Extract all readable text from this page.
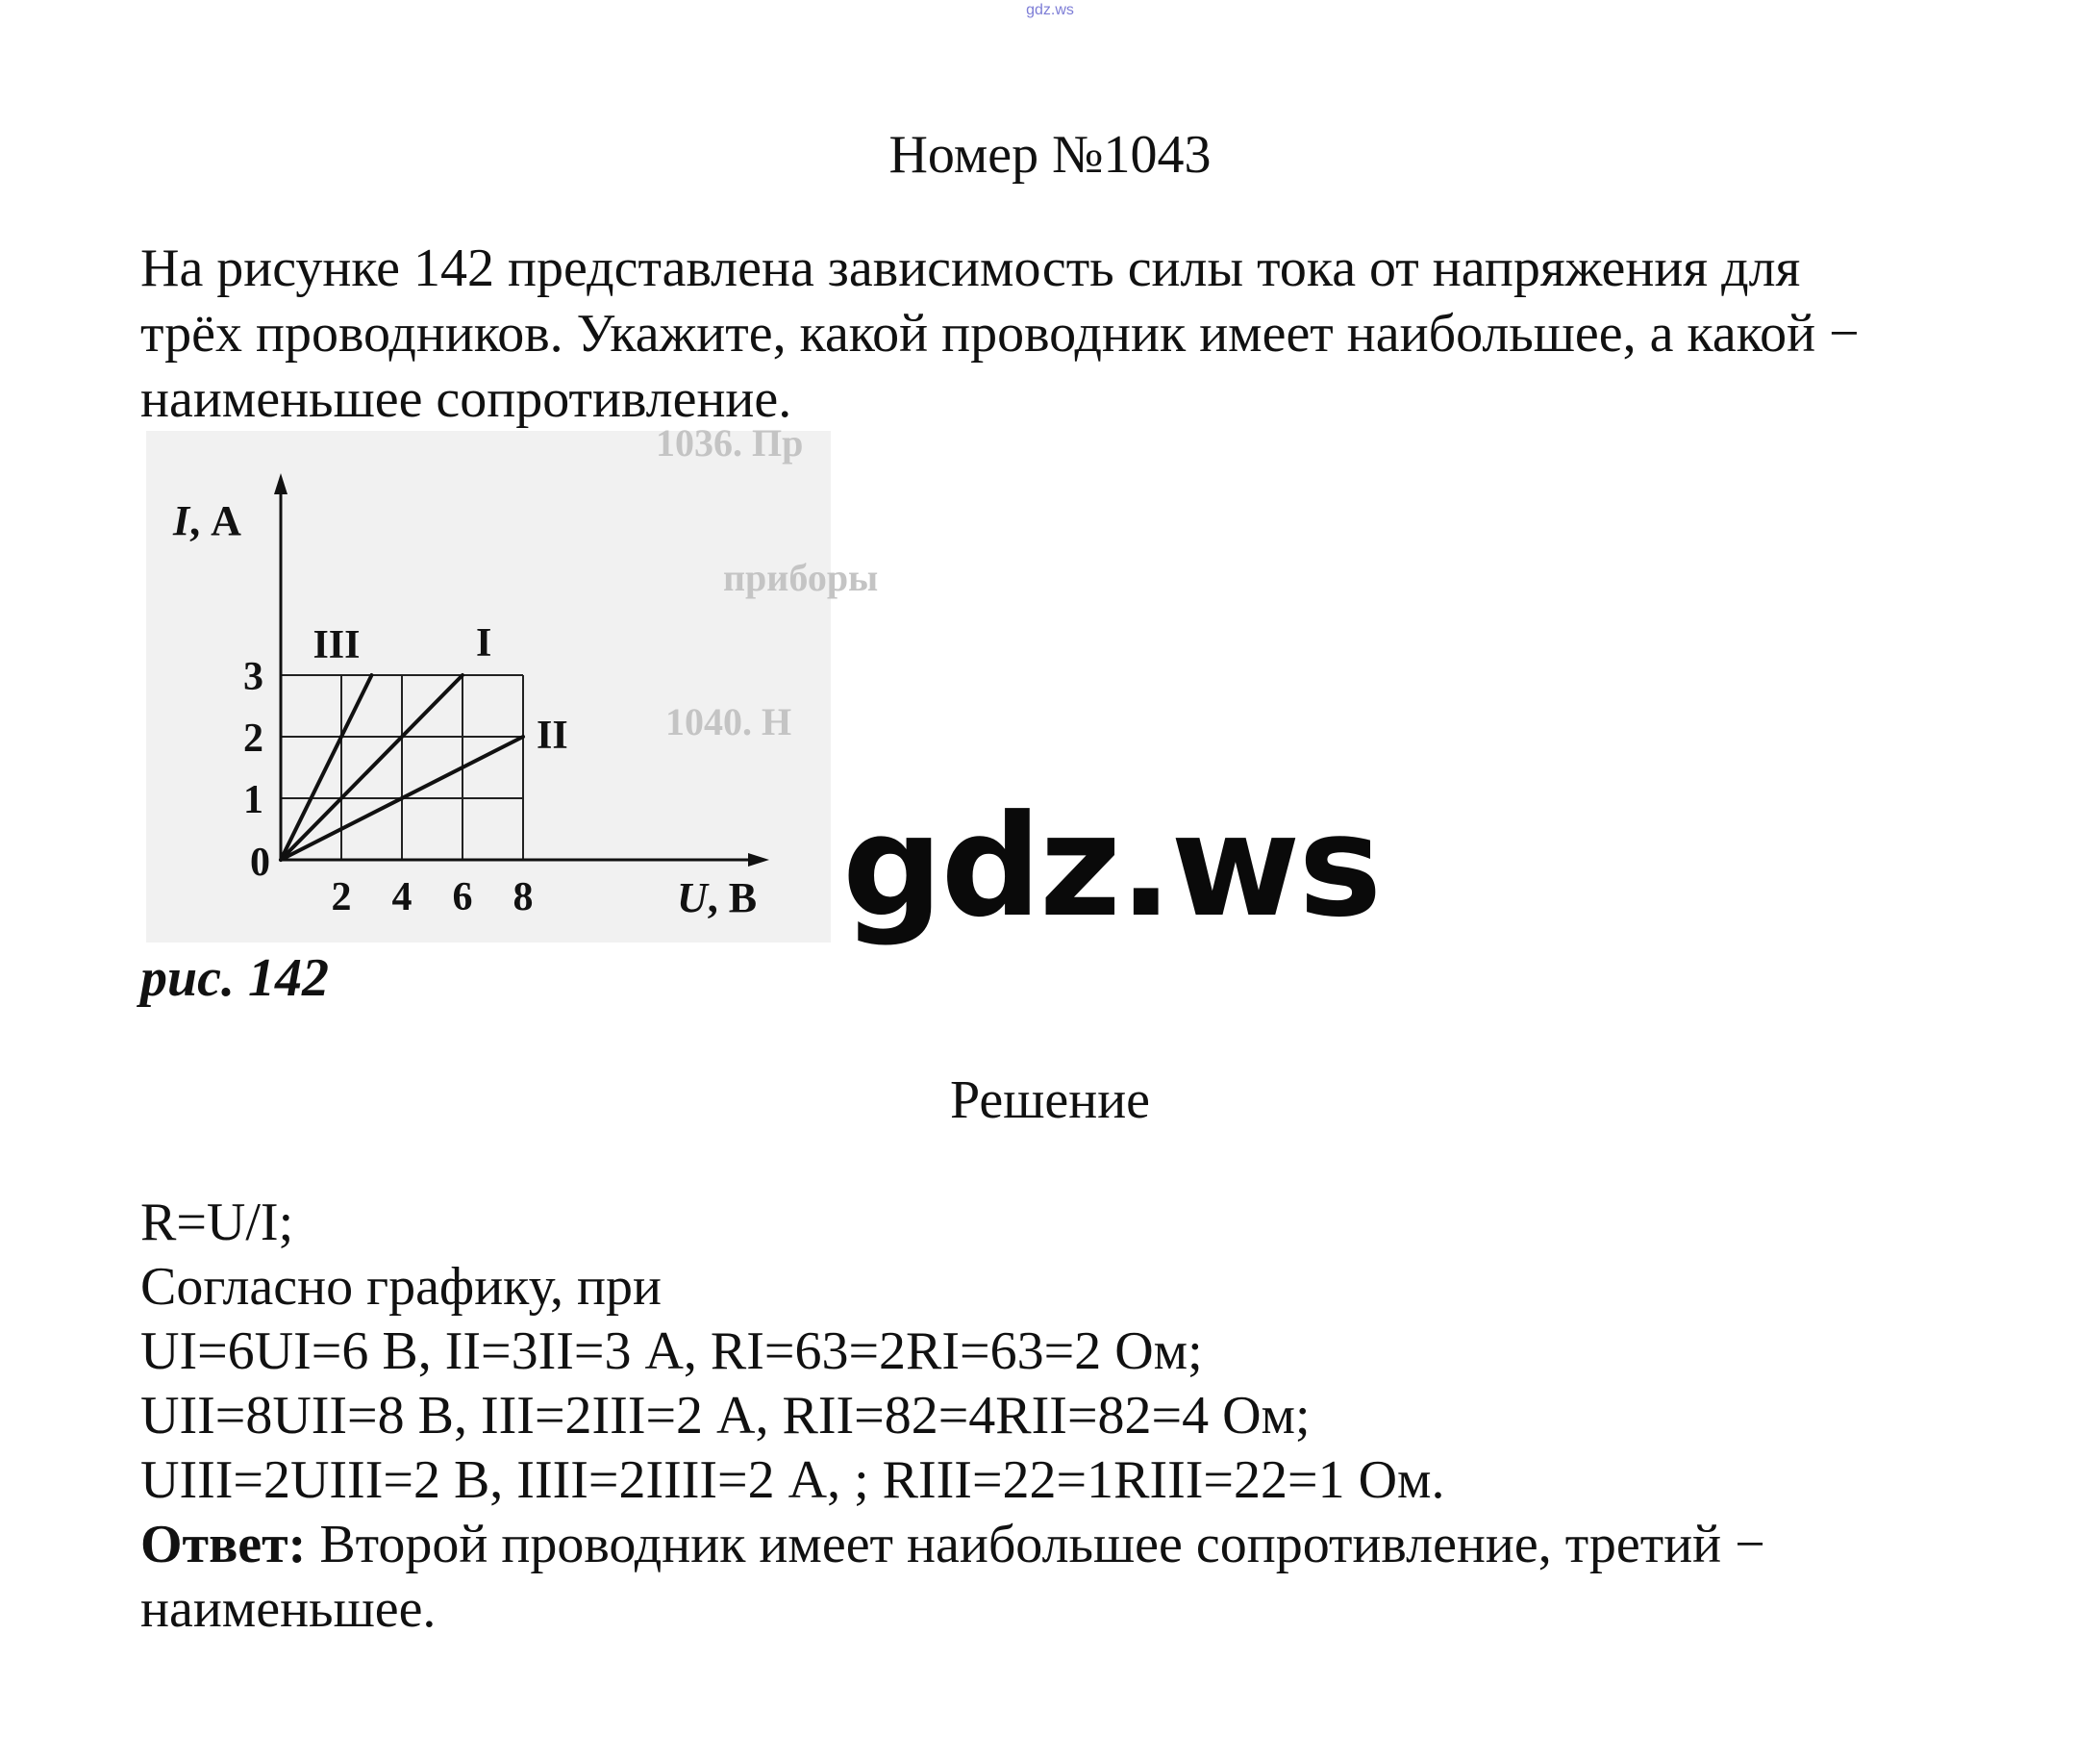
gdz.ws
Номер №1043

На рисунке 142 представлена зависимость силы тока от напряжения для

трёх проводников. Укажите, какой проводник имеет наибольшее, а какой −

наименьшее сопротивление.

1036. Пр
приборы
1040. Н
III	I
II
2 4 6 8
1
2
3
0
I, А
U, В
рис. 142
gdz.ws
Решение

R=U/I;

Согласно графику, при

UI=6UI=6 В, II=3II=3 А, RI=63=2RI=63=2 Ом;

UII=8UII=8 В, III=2III=2 А, RII=82=4RII=82=4 Ом;

UIII=2UIII=2 В, IIII=2IIII=2 А, ; RIII=22=1RIII=22=1 Ом.

Ответ: Второй проводник имеет наибольшее сопротивление, третий −

наименьшее.
